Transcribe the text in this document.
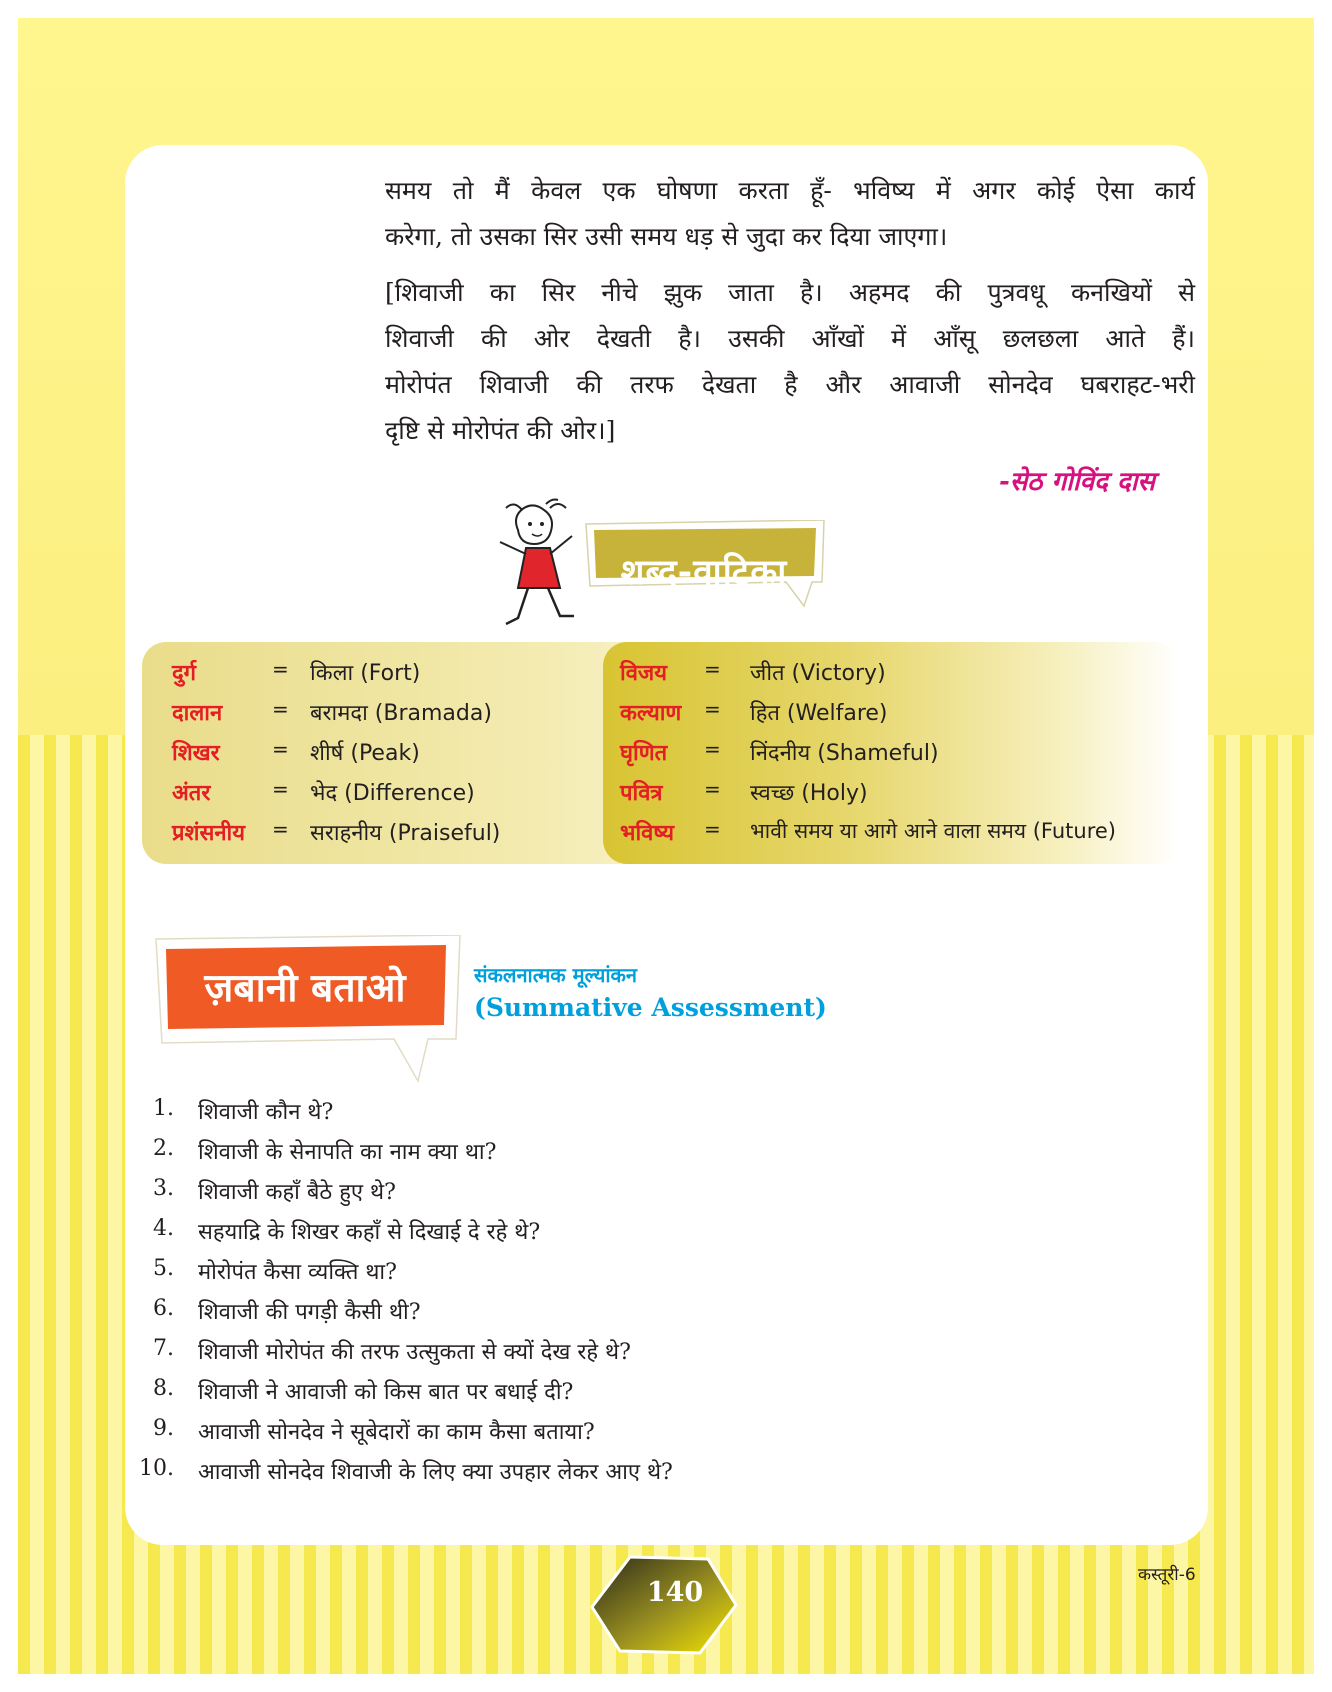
समय तो मैं केवल एक घोषणा करता हूँ- भविष्य में अगर कोई ऐसा कार्य
करेगा, तो उसका सिर उसी समय धड़ से जुदा कर दिया जाएगा।
[शिवाजी का सिर नीचे झुक जाता है। अहमद की पुत्रवधू कनखियों से
शिवाजी की ओर देखती है। उसकी आँखों में आँसू छलछला आते हैं।
मोरोपंत शिवाजी की तरफ देखता है और आवाजी सोनदेव घबराहट-भरी
दृष्टि से मोरोपंत की ओर।]
-सेठ गोविंद दास
शब्द-वाटिका
दुर्ग	= किला (Fort)
दालान = बरामदा (Bramada)
शिखर	= शीर्ष (Peak)
अंतर	= भेद (Difference)
प्रशंसनीय = सराहनीय (Praiseful)
विजय = जीत (Victory)
कल्याण = हित (Welfare)
घृणित = निंदनीय (Shameful)
पवित्र = स्वच्छ (Holy)
भविष्य = भावी समय या आगे आने वाला समय (Future)
ज़बानी बताओ	संकलनात्मक मूल्यांकन
(Summative Assessment)
1. शिवाजी कौन थे?
2. शिवाजी के सेनापति का नाम क्या था?
3. शिवाजी कहाँ बैठे हुए थे?
4. सहयाद्रि के शिखर कहाँ से दिखाई दे रहे थे?
5. मोरोपंत कैसा व्यक्ति था?
6. शिवाजी की पगड़ी कैसी थी?
7. शिवाजी मोरोपंत की तरफ उत्सुकता से क्यों देख रहे थे?
8. शिवाजी ने आवाजी को किस बात पर बधाई दी?
9. आवाजी सोनदेव ने सूबेदारों का काम कैसा बताया?
10. आवाजी सोनदेव शिवाजी के लिए क्या उपहार लेकर आए थे?
140
कस्तूरी-6
